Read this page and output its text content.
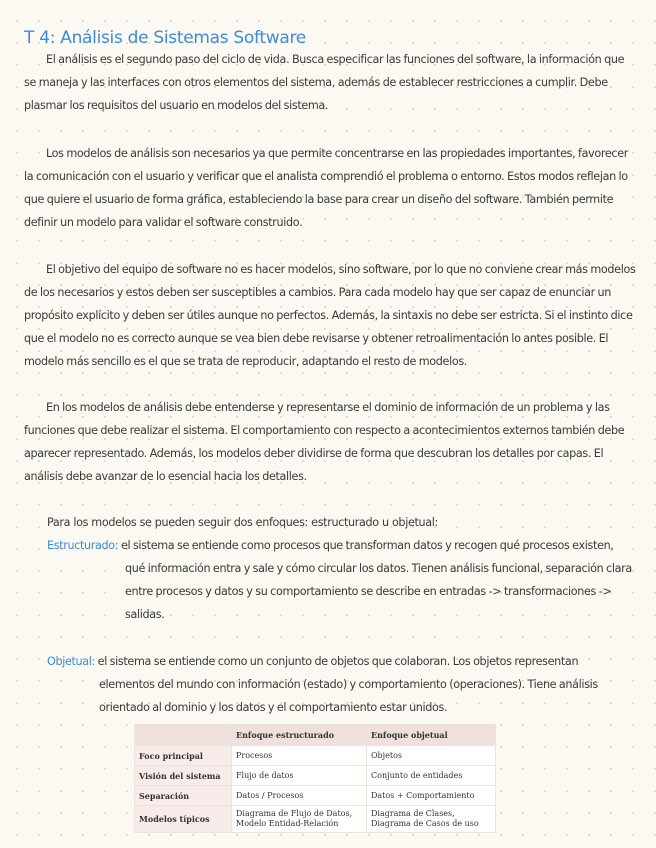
T 4: Análisis de Sistemas Software

El análisis es el segundo paso del ciclo de vida. Busca especificar las funciones del software, la información que se maneja y las interfaces con otros elementos del sistema, además de establecer restricciones a cumplir. Debe plasmar los requisitos del usuario en modelos del sistema.

Los modelos de análisis son necesarios ya que permite concentrarse en las propiedades importantes, favorecer la comunicación con el usuario y verificar que el analista comprendió el problema o entorno. Estos modos reflejan lo que quiere el usuario de forma gráfica, estableciendo la base para crear un diseño del software. También permite definir un modelo para validar el software construido.

El objetivo del equipo de software no es hacer modelos, sino software, por lo que no conviene crear más modelos de los necesarios y estos deben ser susceptibles a cambios. Para cada modelo hay que ser capaz de enunciar un propósito explícito y deben ser útiles aunque no perfectos. Además, la sintaxis no debe ser estricta. Si el instinto dice que el modelo no es correcto aunque se vea bien debe revisarse y obtener retroalimentación lo antes posible. El modelo más sencillo es el que se trata de reproducir, adaptando el resto de modelos.

En los modelos de análisis debe entenderse y representarse el dominio de información de un problema y las funciones que debe realizar el sistema. El comportamiento con respecto a acontecimientos externos también debe aparecer representado. Además, los modelos deber dividirse de forma que descubran los detalles por capas. El análisis debe avanzar de lo esencial hacia los detalles.

Para los modelos se pueden seguir dos enfoques: estructurado u objetual:

Estructurado: el sistema se entiende como procesos que transforman datos y recogen qué procesos existen, qué información entra y sale y cómo circular los datos. Tienen análisis funcional, separación clara entre procesos y datos y su comportamiento se describe en entradas -> transformaciones -> salidas.

Objetual: el sistema se entiende como un conjunto de objetos que colaboran. Los objetos representan elementos del mundo con información (estado) y comportamiento (operaciones). Tiene análisis orientado al dominio y los datos y el comportamiento estar unidos.

	Enfoque estructurado	Enfoque objetual
Foco principal	Procesos	Objetos
Visión del sistema	Flujo de datos	Conjunto de entidades
Separación	Datos / Procesos	Datos + Comportamiento
Modelos típicos	Diagrama de Flujo de Datos, Modelo Entidad-Relación	Diagrama de Clases, Diagrama de Casos de uso
